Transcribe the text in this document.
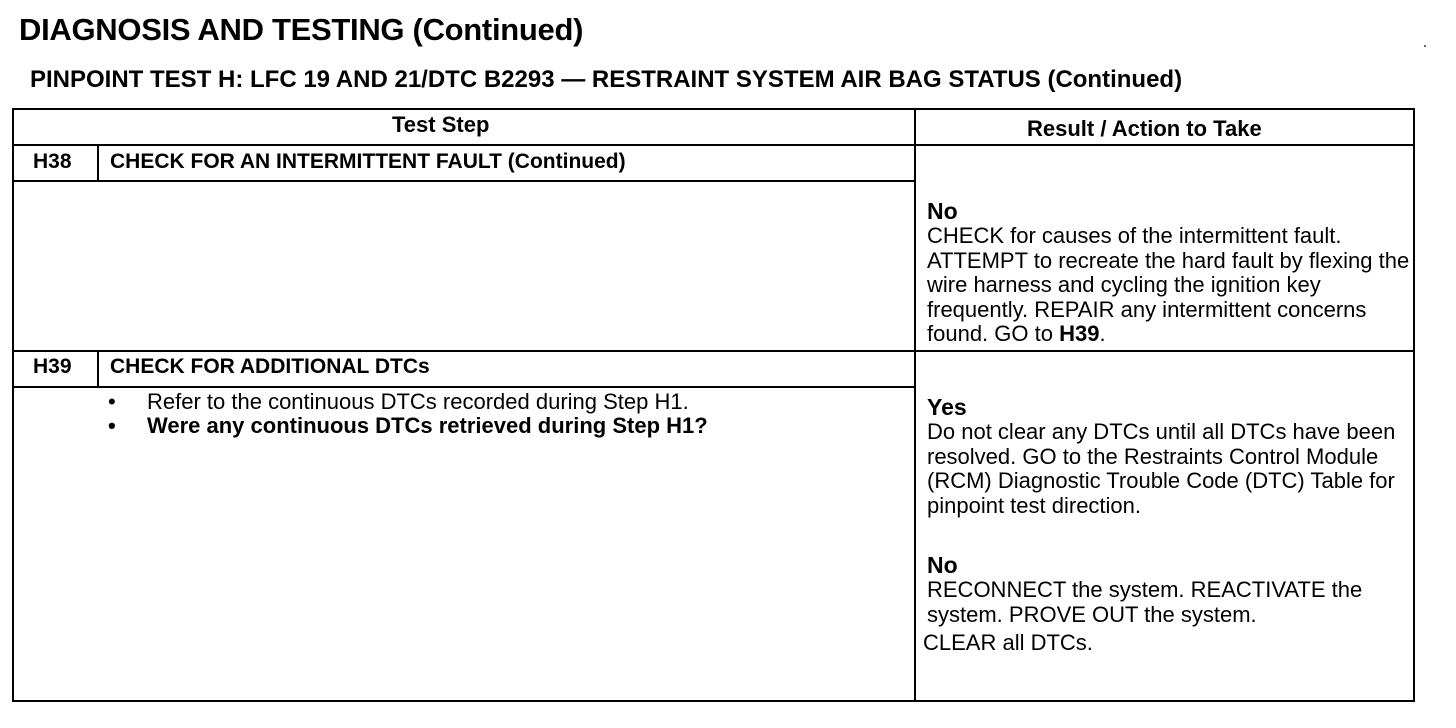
DIAGNOSIS AND TESTING (Continued)
PINPOINT TEST H: LFC 19 AND 21/DTC B2293 — RESTRAINT SYSTEM AIR BAG STATUS (Continued)
Test Step	Result / Action to Take
H38 CHECK FOR AN INTERMITTENT FAULT (Continued)
No

CHECK for causes of the intermittent fault. ATTEMPT to recreate the hard fault by flexing the wire harness and cycling the ignition key frequently. REPAIR any intermittent concerns found. GO to H39.

H39 CHECK FOR ADDITIONAL DTCs
• Refer to the continuous DTCs recorded during Step H1.
• Were any continuous DTCs retrieved during Step H1?
Yes

Do not clear any DTCs until all DTCs have been resolved. GO to the Restraints Control Module (RCM) Diagnostic Trouble Code (DTC) Table for pinpoint test direction.

No

RECONNECT the system. REACTIVATE the system. PROVE OUT the system.

CLEAR all DTCs.
